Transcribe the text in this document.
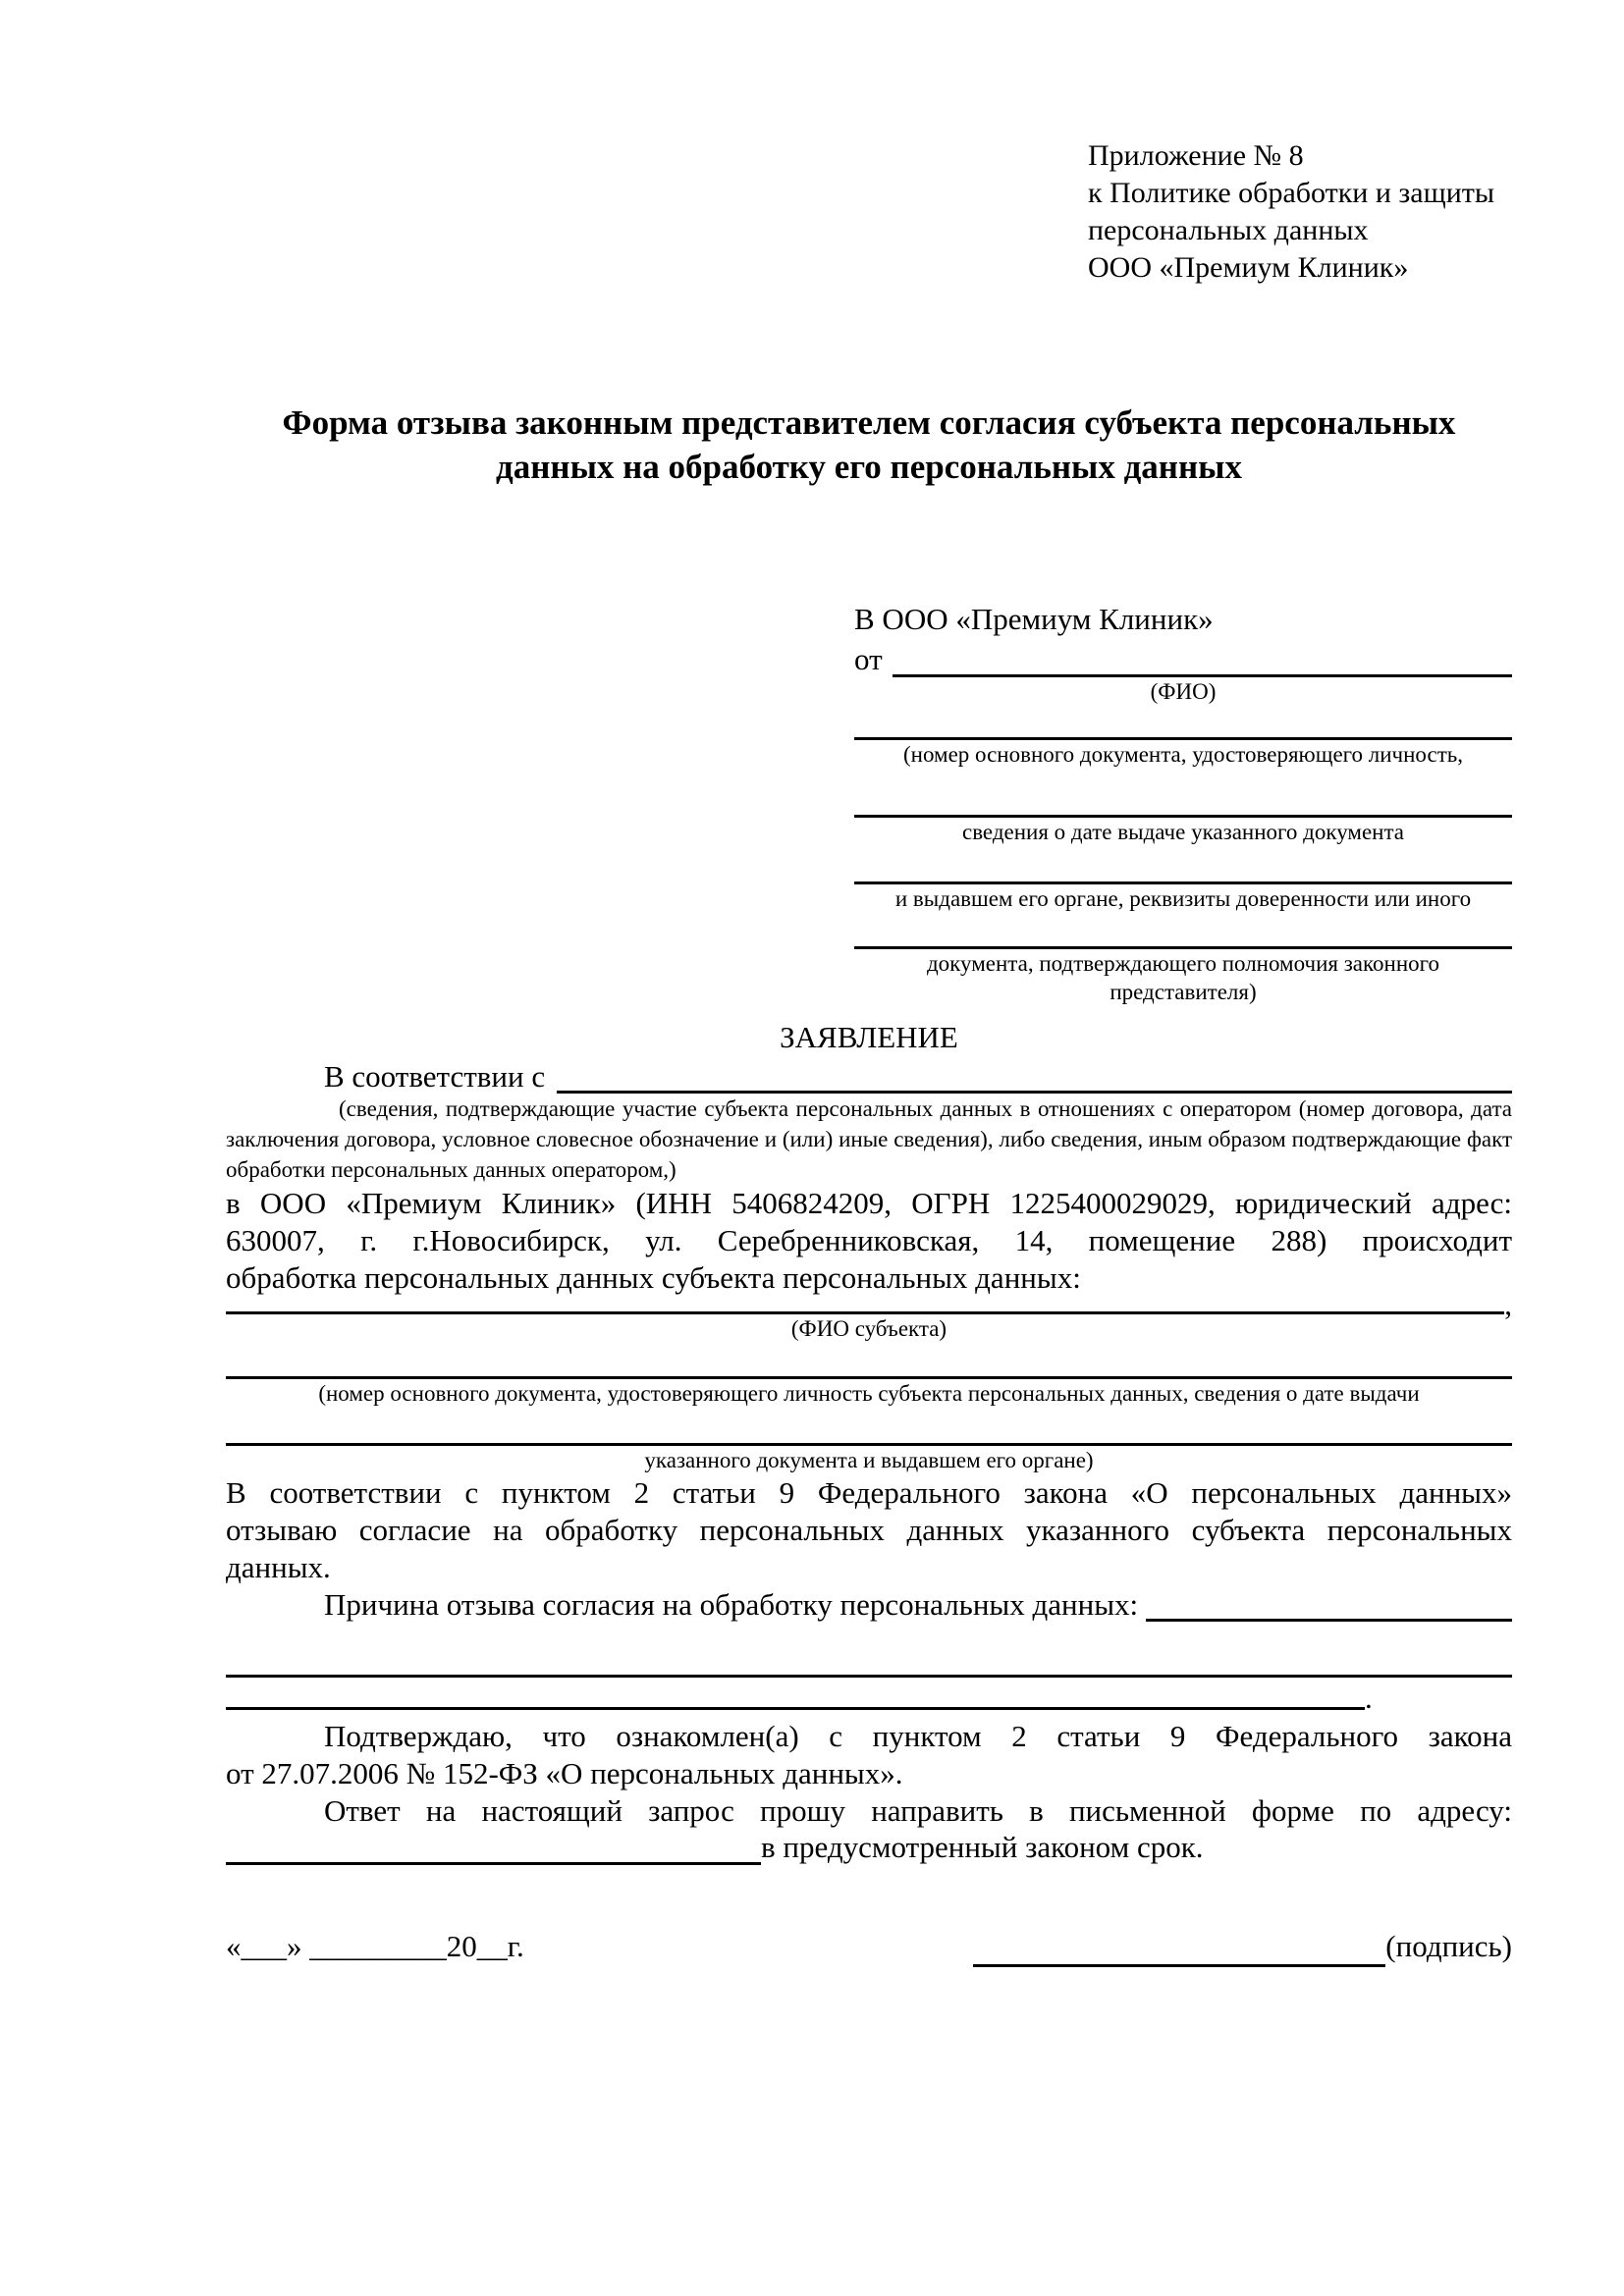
Приложение № 8
к Политике обработки и защиты
персональных данных
ООО «Премиум Клиник»
Форма отзыва законным представителем согласия субъекта персональных данных на обработку его персональных данных
В ООО «Премиум Клиник»
от
(ФИО)
(номер основного документа, удостоверяющего личность,
сведения о дате выдаче указанного документа
и выдавшем его органе, реквизиты доверенности или иного
документа, подтверждающего полномочия законного представителя)
ЗАЯВЛЕНИЕ
В соответствии с
(сведения, подтверждающие участие субъекта персональных данных в отношениях с оператором (номер договора, дата
заключения договора, условное словесное обозначение и (или) иные сведения), либо сведения, иным образом подтверждающие факт
обработки персональных данных оператором,)
в ООО «Премиум Клиник» (ИНН 5406824209, ОГРН 1225400029029, юридический адрес:
630007, г. г.Новосибирск, ул. Серебренниковская, 14, помещение 288) происходит
обработка персональных данных субъекта персональных данных:
,
(ФИО субъекта)
(номер основного документа, удостоверяющего личность субъекта персональных данных, сведения о дате выдачи
указанного документа и выдавшем его органе)
В соответствии с пунктом 2 статьи 9 Федерального закона «О персональных данных»
отзываю согласие на обработку персональных данных указанного субъекта персональных
данных.
Причина отзыва согласия на обработку персональных данных:
.
Подтверждаю, что ознакомлен(а) с пунктом 2 статьи 9 Федерального закона
от 27.07.2006 № 152-ФЗ «О персональных данных».
Ответ на настоящий запрос прошу направить в письменной форме по адресу:
в предусмотренный законом срок.
«___» _________20__г.	(подпись)
